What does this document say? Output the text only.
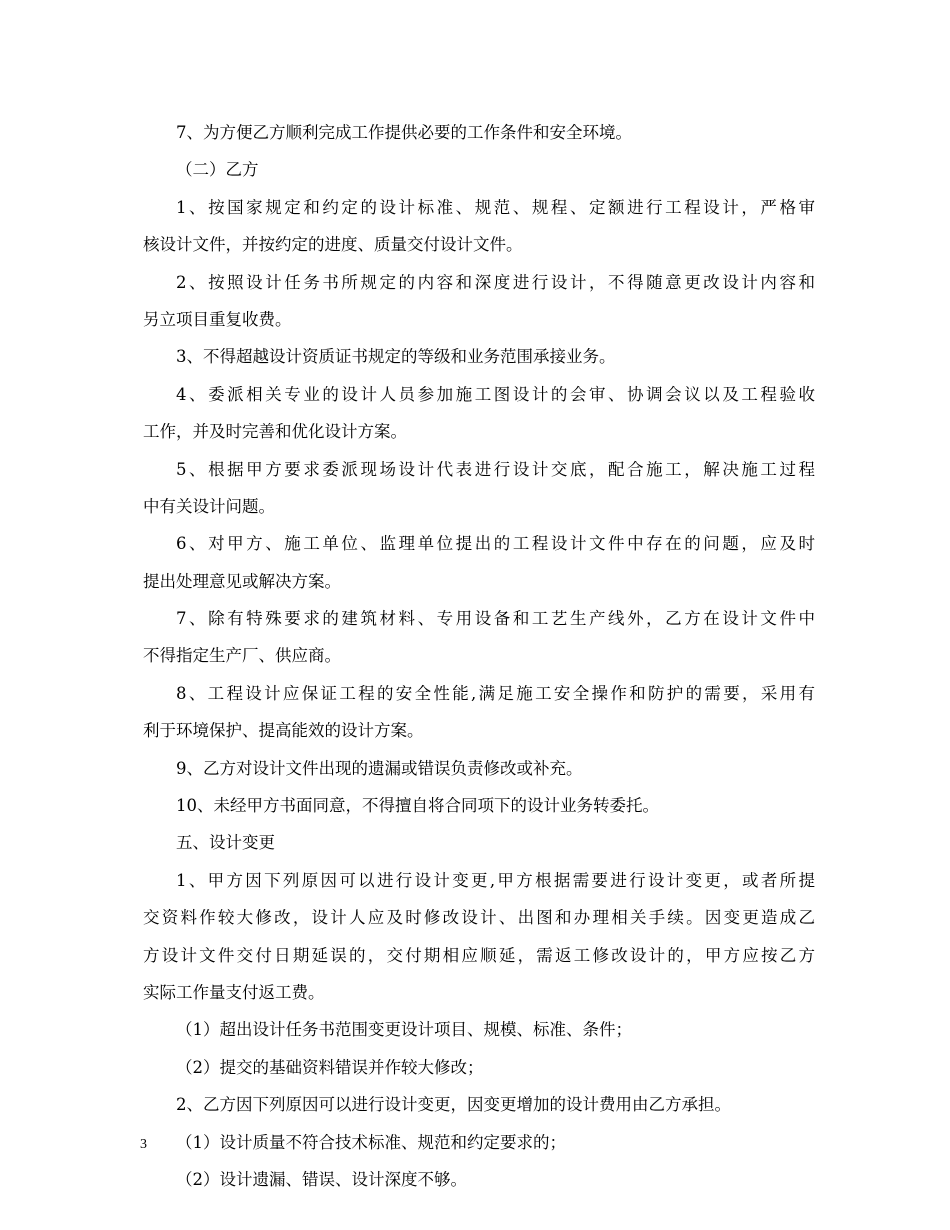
7、为方便乙方顺利完成工作提供必要的工作条件和安全环境。
（二）乙方
1、按国家规定和约定的设计标准、规范、规程、定额进行工程设计，严格审
核设计文件，并按约定的进度、质量交付设计文件。
2、按照设计任务书所规定的内容和深度进行设计，不得随意更改设计内容和
另立项目重复收费。
3、不得超越设计资质证书规定的等级和业务范围承接业务。
4、委派相关专业的设计人员参加施工图设计的会审、协调会议以及工程验收
工作，并及时完善和优化设计方案。
5、根据甲方要求委派现场设计代表进行设计交底，配合施工，解决施工过程
中有关设计问题。
6、对甲方、施工单位、监理单位提出的工程设计文件中存在的问题，应及时
提出处理意见或解决方案。
7、除有特殊要求的建筑材料、专用设备和工艺生产线外，乙方在设计文件中
不得指定生产厂、供应商。
8、工程设计应保证工程的安全性能,满足施工安全操作和防护的需要，采用有
利于环境保护、提高能效的设计方案。
9、乙方对设计文件出现的遗漏或错误负责修改或补充。
10、未经甲方书面同意，不得擅自将合同项下的设计业务转委托。
五、设计变更
1、甲方因下列原因可以进行设计变更,甲方根据需要进行设计变更，或者所提
交资料作较大修改，设计人应及时修改设计、出图和办理相关手续。因变更造成乙
方设计文件交付日期延误的，交付期相应顺延，需返工修改设计的，甲方应按乙方
实际工作量支付返工费。
（1）超出设计任务书范围变更设计项目、规模、标准、条件；
（2）提交的基础资料错误并作较大修改；
2、乙方因下列原因可以进行设计变更，因变更增加的设计费用由乙方承担。
（1）设计质量不符合技术标准、规范和约定要求的；
（2）设计遗漏、错误、设计深度不够。
3
